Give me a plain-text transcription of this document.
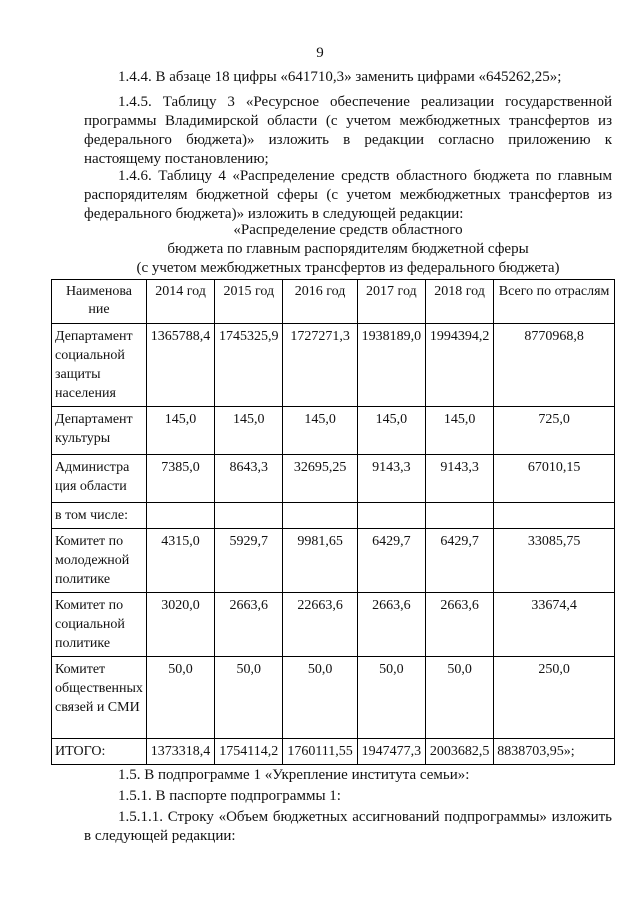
9
1.4.4. В абзаце 18 цифры «641710,3» заменить цифрами «645262,25»;
1.4.5. Таблицу 3 «Ресурсное обеспечение реализации государственной программы Владимирской области (с учетом межбюджетных трансфертов из федерального бюджета)» изложить в редакции согласно приложению к настоящему постановлению;
1.4.6. Таблицу 4 «Распределение средств областного бюджета по главным распорядителям бюджетной сферы (с учетом межбюджетных трансфертов из федерального бюджета)» изложить в следующей редакции:
«Распределение средств областного
бюджета по главным распорядителям бюджетной сферы
(с учетом межбюджетных трансфертов из федерального бюджета)
Наименова ние	2014 год	2015 год	2016 год	2017 год	2018 год	Всего по отраслям
Департамент социальной защиты населения	1365788,4	1745325,9	1727271,3	1938189,0	1994394,2	8770968,8
Департамент культуры	145,0	145,0	145,0	145,0	145,0	725,0
Администра ция области	7385,0	8643,3	32695,25	9143,3	9143,3	67010,15
в том числе:						
Комитет по молодежной политике	4315,0	5929,7	9981,65	6429,7	6429,7	33085,75
Комитет по социальной политике	3020,0	2663,6	22663,6	2663,6	2663,6	33674,4
Комитет общественных связей и СМИ	50,0	50,0	50,0	50,0	50,0	250,0
ИТОГО:	1373318,4	1754114,2	1760111,55	1947477,3	2003682,5	8838703,95»;
1.5. В подпрограмме 1 «Укрепление института семьи»:
1.5.1. В паспорте подпрограммы 1:
1.5.1.1. Строку «Объем бюджетных ассигнований подпрограммы» изложить в следующей редакции:
